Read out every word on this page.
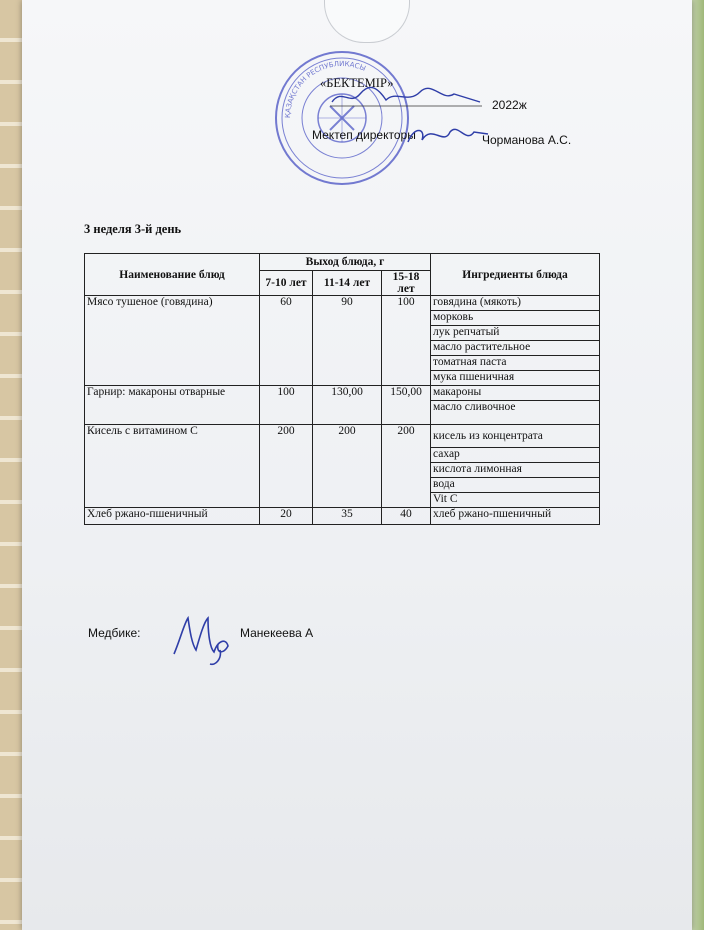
ҚАЗАҚСТАН РЕСПУБЛИКАСЫ
«БЕКТЕМІР»
2022ж
Мектеп директоры	Чорманова А.С.
3 неделя 3-й день
Наименование блюд	Выход блюда, г			Ингредиенты блюда
	7-10 лет	11-14 лет	15-18 лет	
Мясо тушеное (говядина)	60	90	100	говядина (мякоть)
				морковь
				лук репчатый
				масло растительное
				томатная паста
				мука пшеничная
Гарнир: макароны отварные	100	130,00	150,00	макароны
				масло сливочное
Кисель с витамином С	200	200	200	кисель из концентрата
				сахар
				кислота лимонная
				вода
				Vit C
Хлеб ржано-пшеничный	20	35	40	хлеб ржано-пшеничный
Медбике:	Манекеева А
